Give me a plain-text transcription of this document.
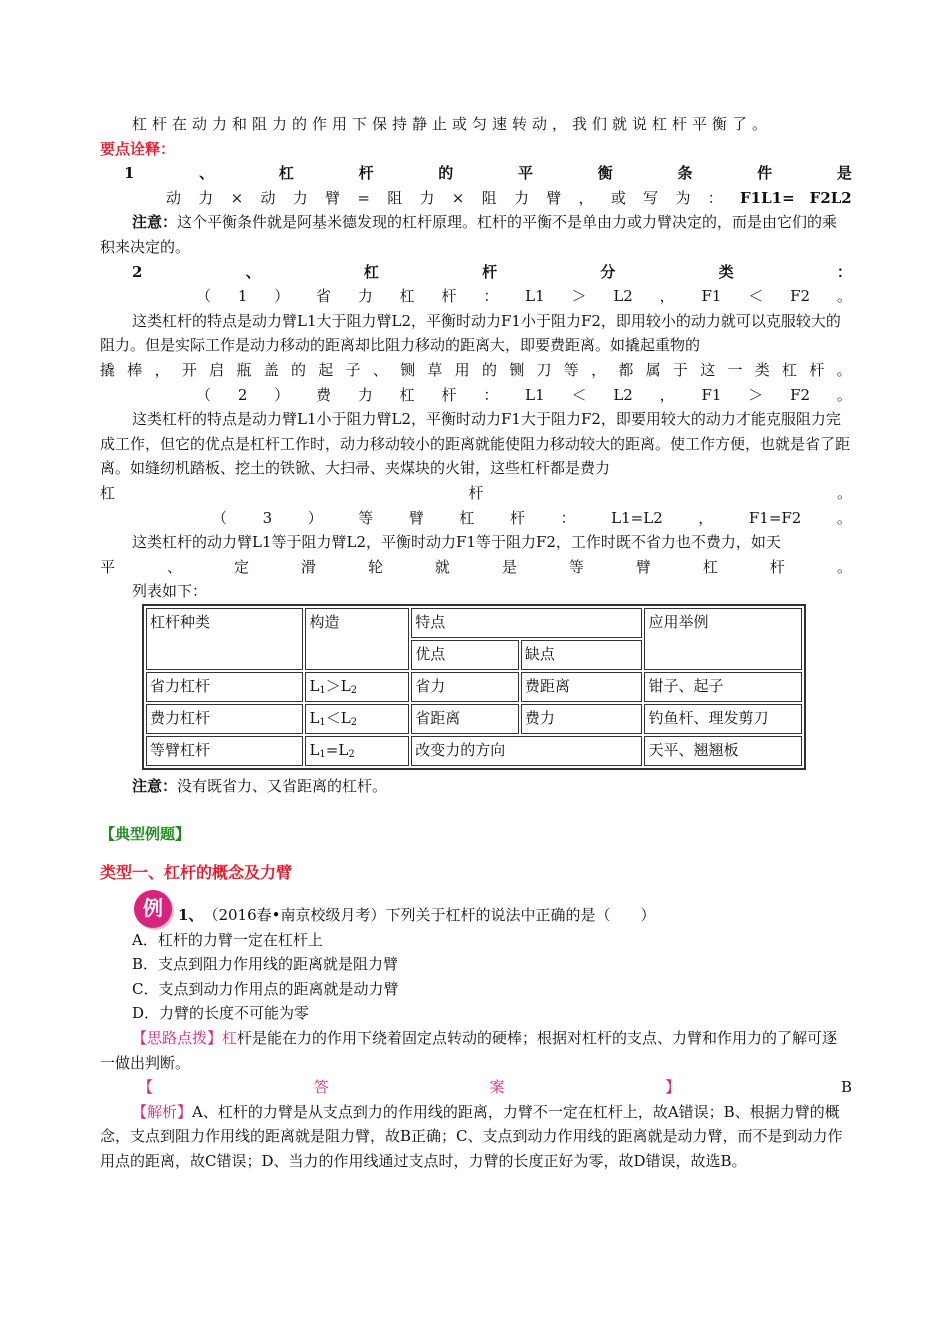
杠杆在动力和阻力的作用下保持静止或匀速转动，我们就说杠杆平衡了。

要点诠释：

1	、	杠	杆	的	平	衡	条	件	是
动 力 × 动 力 臂 = 阻 力 × 阻 力 臂 ， 或 写 为 ： F1L1=　F2L2

注意：这个平衡条件就是阿基米德发现的杠杆原理。杠杆的平衡不是单由力或力臂决定的，而是由它们的乘积来决定的。

2	、	杠	杆	分	类	：
（ 1 ） 省 力 杠 杆 ： L1 ＞ L2 ， F1 ＜ F2 。

这类杠杆的特点是动力臂L1大于阻力臂L2，平衡时动力F1小于阻力F2，即用较小的动力就可以克服较大的阻力。但是实际工作是动力移动的距离却比阻力移动的距离大，即要费距离。如撬起重物的

撬 棒 ， 开 启 瓶 盖 的 起 子 、 铡 草 用 的 铡 刀 等 ， 都 属 于 这 一 类 杠 杆 。
（ 2 ） 费 力 杠 杆 ： L1 ＜ L2 ， F1 ＞ F2 。

这类杠杆的特点是动力臂L1小于阻力臂L2，平衡时动力F1大于阻力F2，即要用较大的动力才能克服阻力完成工作，但它的优点是杠杆工作时，动力移动较小的距离就能使阻力移动较大的距离。使工作方便，也就是省了距离。如缝纫机踏板、挖土的铁锨、大扫帚、夹煤块的火钳，这些杠杆都是费力

杠	杆	。
（ 3 ） 等 臂 杠 杆 ： L1=L2 ， F1=F2 。

这类杠杆的动力臂L1等于阻力臂L2，平衡时动力F1等于阻力F2，工作时既不省力也不费力，如天

平	、	定	滑	轮	就	是	等	臂	杠	杆	。

列表如下：

杠杆种类	构造	特点		应用举例
		优点	缺点	
省力杠杆	$L_1>L_2$	省力	费距离	钳子、起子
费力杠杆	$L_1<L_2$	省距离	费力	钓鱼杆、理发剪刀
等臂杠杆	$L_1=L_2$	改变力的方向		天平、翘翘板

注意：没有既省力、又省距离的杠杆。

【典型例题】

类型一、杠杆的概念及力臂

例	1、 （2016春•南京校级月考）下列关于杠杆的说法中正确的是（　　）

A．杠杆的力臂一定在杠杆上

B．支点到阻力作用线的距离就是阻力臂

C．支点到动力作用点的距离就是动力臂

D．力臂的长度不可能为零

【思路点拨】杠杆是能在力的作用下绕着固定点转动的硬棒；根据对杠杆的支点、力臂和作用力的了解可逐一做出判断。

【	答	案	】	B

【解析】A、杠杆的力臂是从支点到力的作用线的距离，力臂不一定在杠杆上，故A错误；B、根据力臂的概念，支点到阻力作用线的距离就是阻力臂，故B正确；C、支点到动力作用线的距离就是动力臂，而不是到动力作用点的距离，故C错误；D、当力的作用线通过支点时，力臂的长度正好为零，故D错误，故选B。
